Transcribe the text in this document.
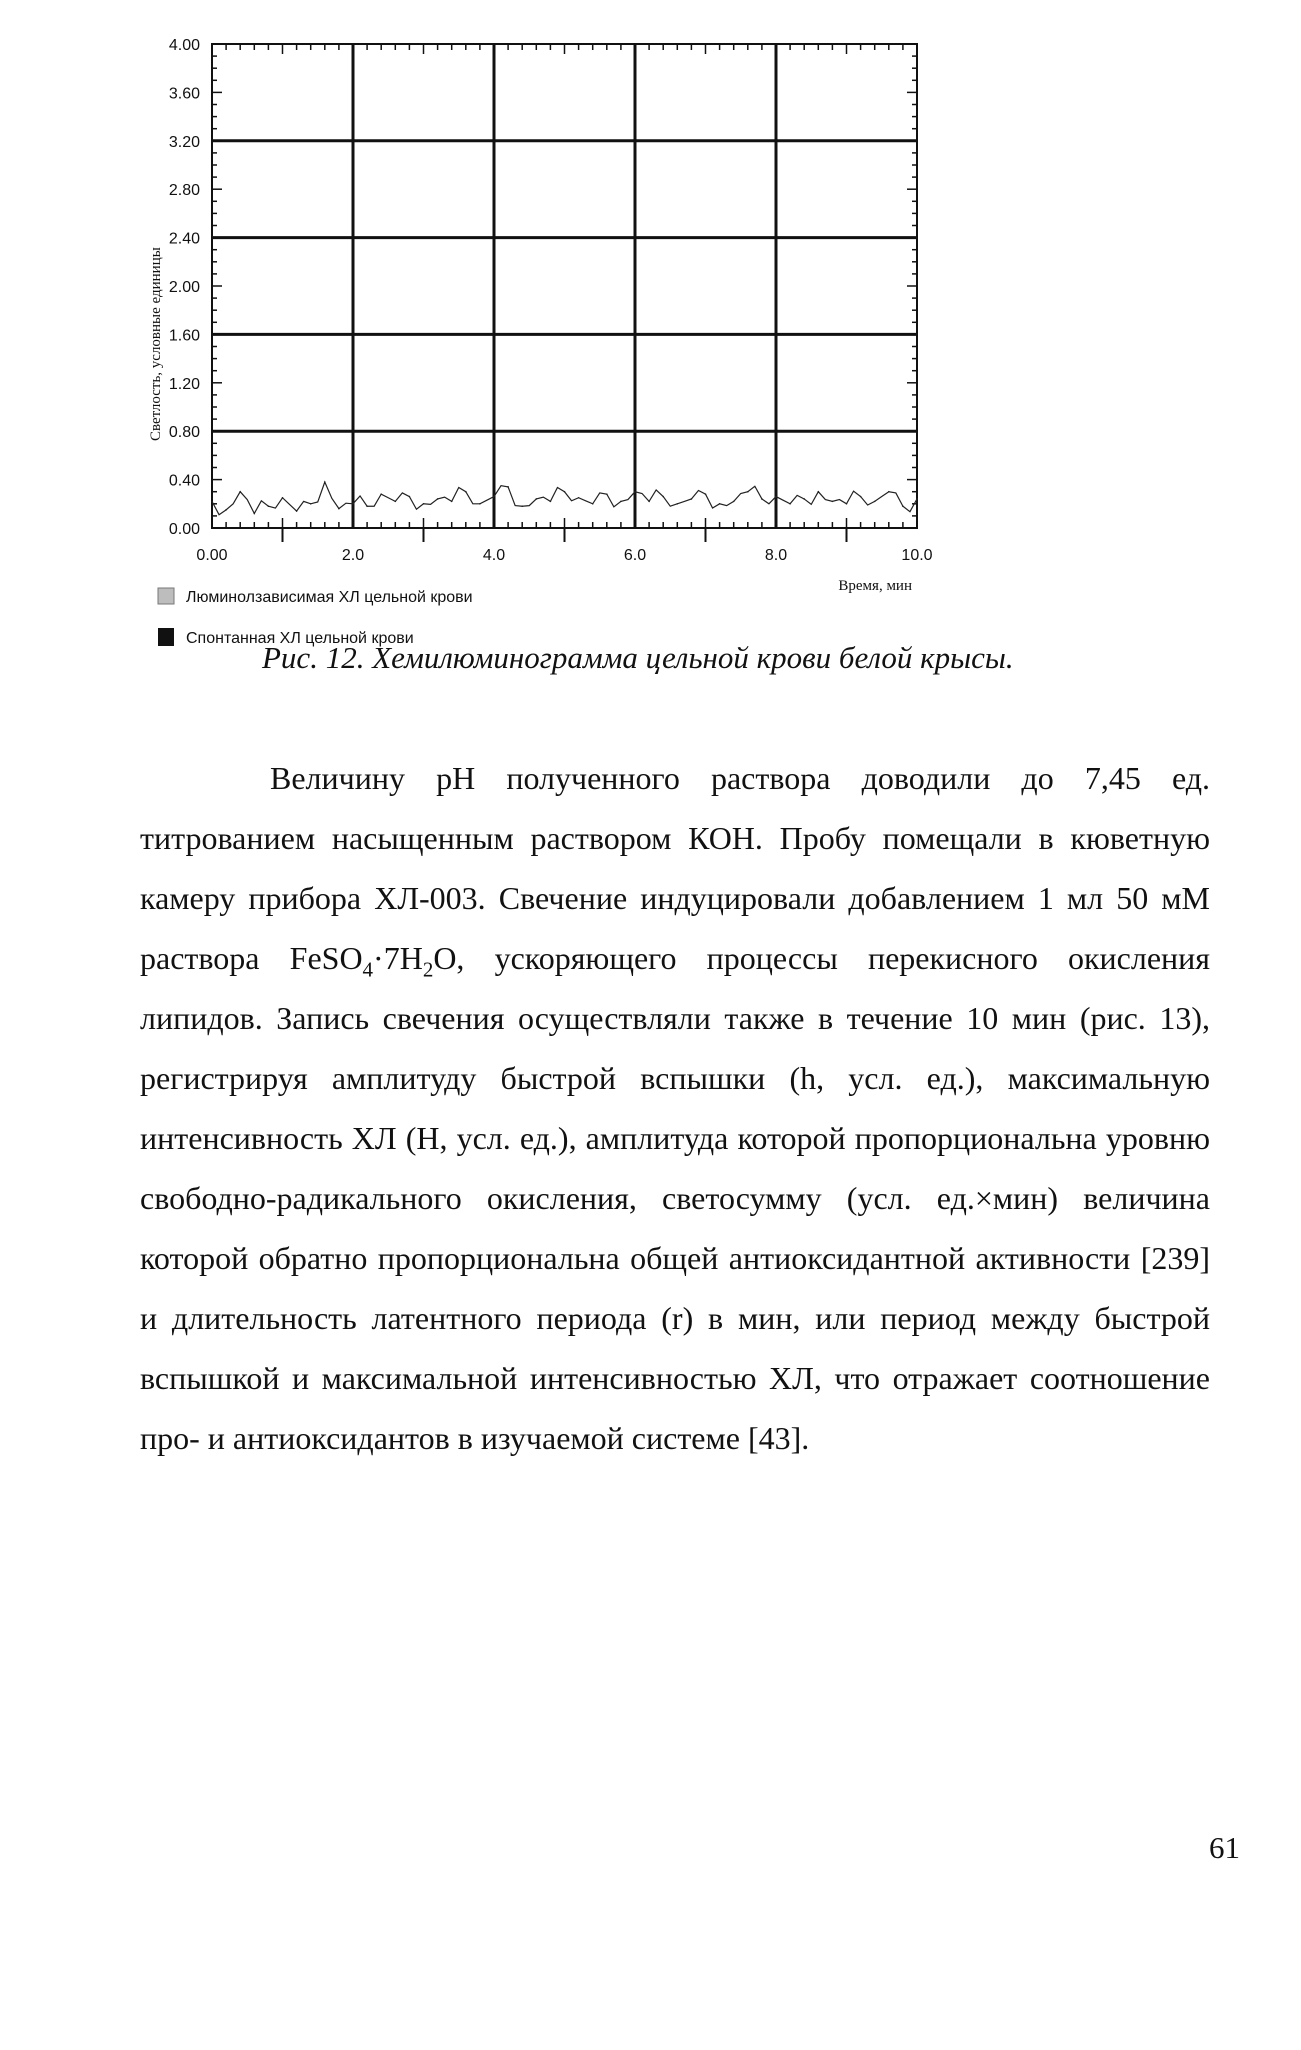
0.00
0.40
0.80
1.20
1.60
2.00
2.40
2.80
3.20
3.60
4.00
0.00	2.0	4.0	6.0	8.0	10.0
Светлость, условные единицы
Время, мин
Люминолзависимая ХЛ цельной крови
Спонтанная ХЛ цельной крови
Рис. 12. Хемилюминограмма цельной крови белой крысы.

Величину pH полученного раствора доводили до 7,45 ед. титрованием насыщенным раствором КОН. Пробу помещали в кюветную камеру прибора ХЛ-003. Свечение индуцировали добавлением 1 мл 50 мМ раствора $FeSO_4\cdot 7H_2O$, ускоряющего процессы перекисного окисления липидов. Запись свечения осуществляли также в течение 10 мин (рис. 13), регистрируя амплитуду быстрой вспышки (h, усл. ед.), максимальную интенсивность ХЛ (H, усл. ед.), амплитуда которой пропорциональна уровню свободно-радикального окисления, светосумму (усл. ед.×мин) величина которой обратно пропорциональна общей антиоксидантной активности [239] и длительность латентного периода (r) в мин, или период между быстрой вспышкой и максимальной интенсивностью ХЛ, что отражает соотношение про- и антиоксидантов в изучаемой системе [43].

61
